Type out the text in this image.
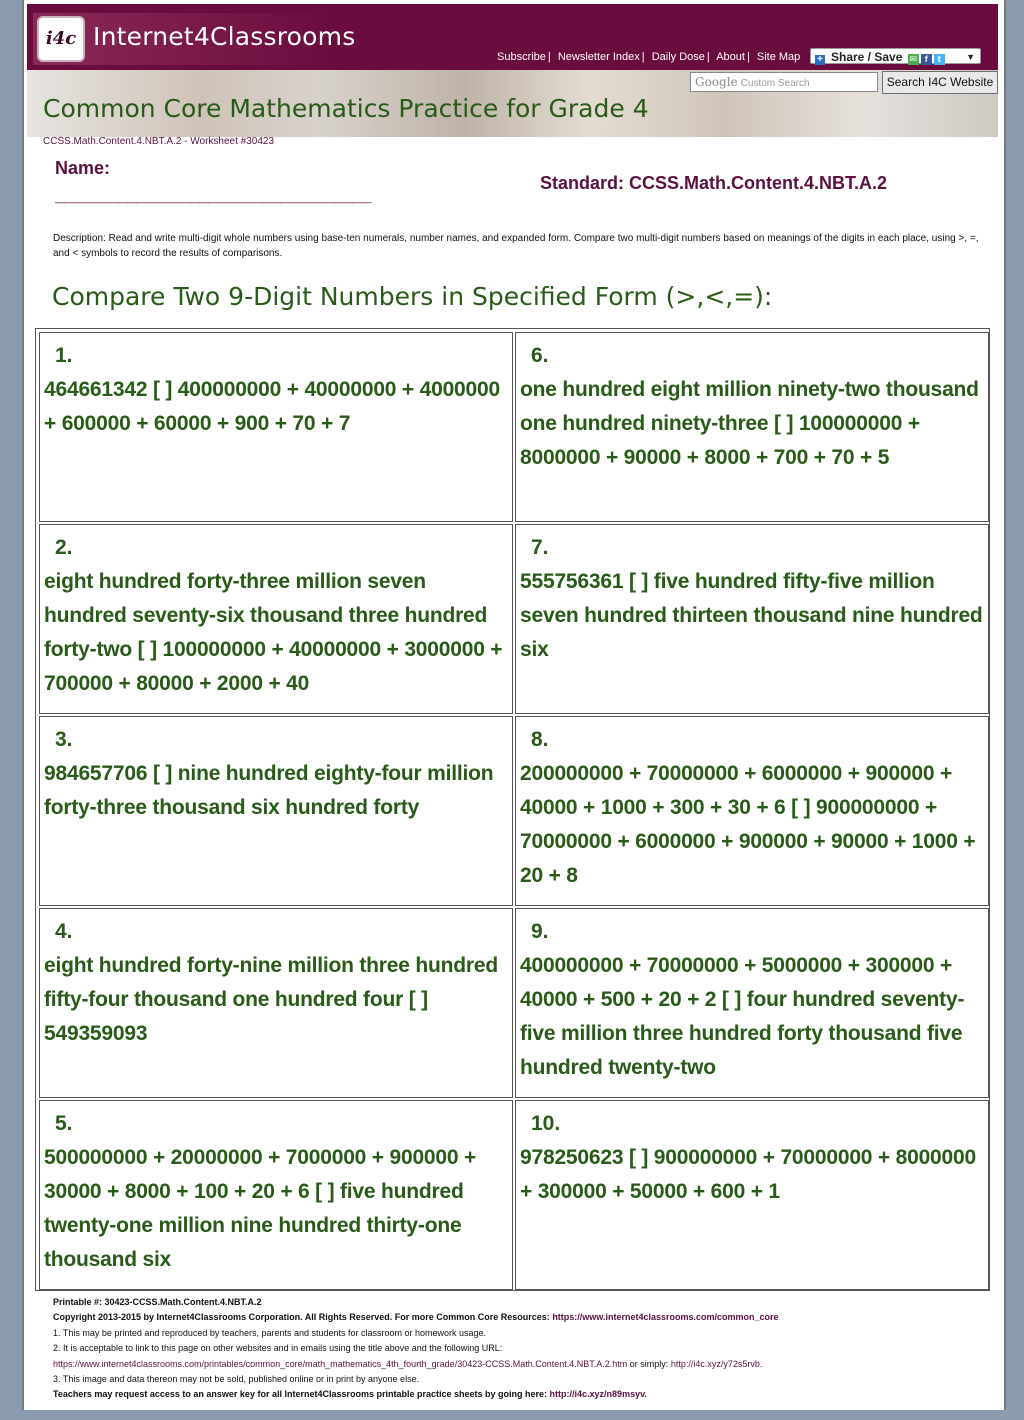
i4c Internet4Classrooms
Subscribe | Newsletter Index | Daily Dose | About | Site Map	+ Share / Save ✉ f t	▼
Google Custom Search	Search I4C Website
Common Core Mathematics Practice for Grade 4
CCSS.Math.Content.4.NBT.A.2 - Worksheet #30423
Name:
___________________________________
Standard: CCSS.Math.Content.4.NBT.A.2
Description: Read and write multi-digit whole numbers using base-ten numerals, number names, and expanded form. Compare two multi-digit numbers based on meanings of the digits in each place, using >, =, and < symbols to record the results of comparisons.
Compare Two 9-Digit Numbers in Specified Form (>,<,=):
1.
464661342 [ ] 400000000 + 40000000 + 4000000 + 600000 + 60000 + 900 + 70 + 7
2.
eight hundred forty-three million seven hundred seventy-six thousand three hundred forty-two [ ] 100000000 + 40000000 + 3000000 + 700000 + 80000 + 2000 + 40
3.
984657706 [ ] nine hundred eighty-four million forty-three thousand six hundred forty
4.
eight hundred forty-nine million three hundred fifty-four thousand one hundred four [ ] 549359093
5.
500000000 + 20000000 + 7000000 + 900000 + 30000 + 8000 + 100 + 20 + 6 [ ] five hundred twenty-one million nine hundred thirty-one thousand six
6.
one hundred eight million ninety-two thousand one hundred ninety-three [ ] 100000000 + 8000000 + 90000 + 8000 + 700 + 70 + 5
7.
555756361 [ ] five hundred fifty-five million seven hundred thirteen thousand nine hundred six
8.
200000000 + 70000000 + 6000000 + 900000 + 40000 + 1000 + 300 + 30 + 6 [ ] 900000000 + 70000000 + 6000000 + 900000 + 90000 + 1000 + 20 + 8
9.
400000000 + 70000000 + 5000000 + 300000 + 40000 + 500 + 20 + 2 [ ] four hundred seventy-five million three hundred forty thousand five hundred twenty-two
10.
978250623 [ ] 900000000 + 70000000 + 8000000 + 300000 + 50000 + 600 + 1
Printable #: 30423-CCSS.Math.Content.4.NBT.A.2
Copyright 2013-2015 by Internet4Classrooms Corporation. All Rights Reserved. For more Common Core Resources: https://www.internet4classrooms.com/common_core
1. This may be printed and reproduced by teachers, parents and students for classroom or homework usage.
2. It is acceptable to link to this page on other websites and in emails using the title above and the following URL:
https://www.internet4classrooms.com/printables/common_core/math_mathematics_4th_fourth_grade/30423-CCSS.Math.Content.4.NBT.A.2.htm or simply: http://i4c.xyz/y72s5rvb.
3. This image and data thereon may not be sold, published online or in print by anyone else.
Teachers may request access to an answer key for all Internet4Classrooms printable practice sheets by going here: http://i4c.xyz/n89msyv.
